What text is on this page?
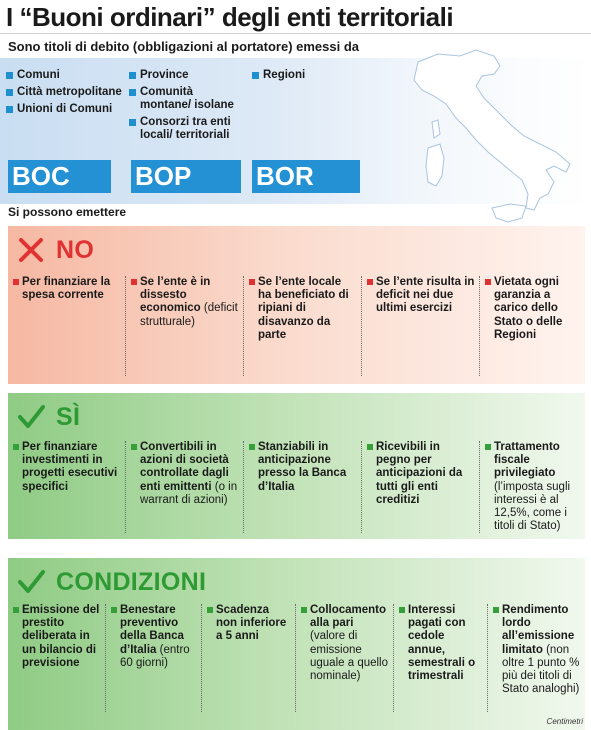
I “Buoni ordinari” degli enti territoriali
Sono titoli di debito (obbligazioni al portatore) emessi da
Comuni
Città metropolitane
Unioni di Comuni
Province
Comunità montane/ isolane
Consorzi tra enti locali/ territoriali
Regioni
BOC	BOP	BOR
Si possono emettere
NO
Per finanziare la spesa corrente
Se l’ente è in dissesto economico (deficit strutturale)
Se l’ente locale ha beneficiato di ripiani di disavanzo da parte
Se l’ente risulta in deficit nei due ultimi esercizi
Vietata ogni garanzia a carico dello Stato o delle Regioni
SÌ
Per finanziare investimenti in progetti esecutivi specifici
Convertibili in azioni di società controllate dagli enti emittenti (o in warrant di azioni)
Stanziabili in anticipazione presso la Banca d’Italia
Ricevibili in pegno per anticipazioni da tutti gli enti creditizi
Trattamento fiscale privilegiato (l’imposta sugli interessi è al 12,5%, come i titoli di Stato)
CONDIZIONI
Emissione del prestito deliberata in un bilancio di previsione
Benestare preventivo della Banca d’Italia (entro 60 giorni)
Scadenza non inferiore a 5 anni
Collocamento alla pari (valore di emissione uguale a quello nominale)
Interessi pagati con cedole annue, semestrali o trimestrali
Rendimento lordo all’emissione limitato (non oltre 1 punto % più dei titoli di Stato analoghi)
Centimetri
